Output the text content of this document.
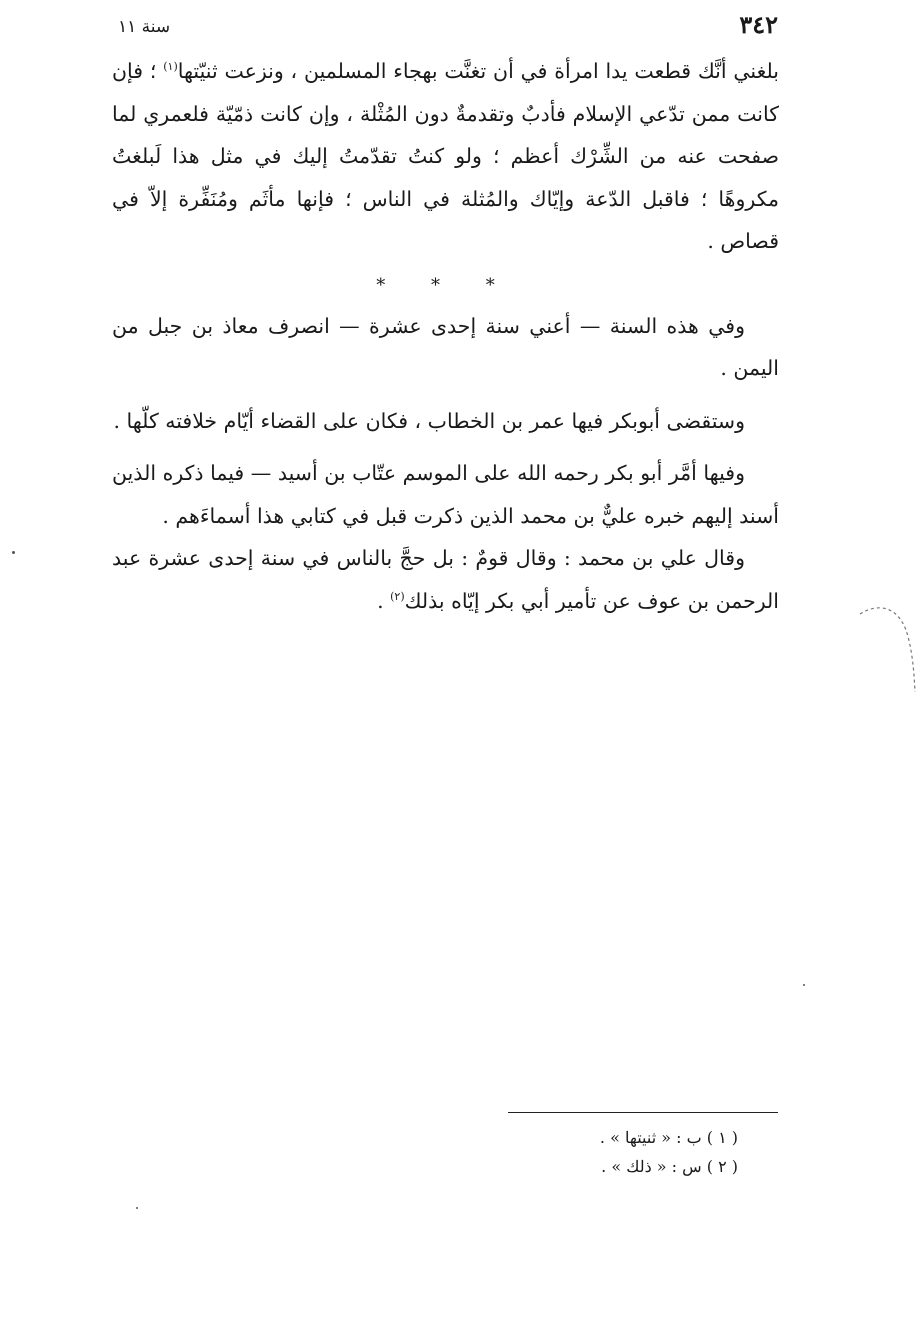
٣٤٢
سنة ١١

بلغني أنَّك قطعت يدا امرأة في أن تغنَّت بهجاء المسلمين ، ونزعت ثنيّتها$^{(١)}$ ؛ فإن كانت ممن تدّعي الإسلام فأدبٌ وتقدمةٌ دون المُثْلة ، وإن كانت ذمّيّة فلعمري لما صفحت عنه من الشِّرْك أعظم ؛ ولو كنتُ تقدّمتُ إليك في مثل هذا لَبلغتُ مكروهًا ؛ فاقبل الدّعة وإيّاك والمُثلة في الناس ؛ فإنها مأثَم ومُنَفِّرة إلاّ في قصاص .

* * *

وفي هذه السنة — أعني سنة إحدى عشرة — انصرف معاذ بن جبل من اليمن .

وستقضى أبوبكر فيها عمر بن الخطاب ، فكان على القضاء أيّام خلافته كلّها .

وفيها أمَّر أبو بكر رحمه الله على الموسم عتّاب بن أسيد — فيما ذكره الذين أسند إليهم خبره عليٌّ بن محمد الذين ذكرت قبل في كتابي هذا أسماءَهم .

وقال علي بن محمد : وقال قومٌ : بل حجَّ بالناس في سنة إحدى عشرة عبد الرحمن بن عوف عن تأمير أبي بكر إيّاه بذلك$^{(٢)}$ .

( ١ ) ب : « ثنيتها » .

( ٢ ) س : « ذلك » .
